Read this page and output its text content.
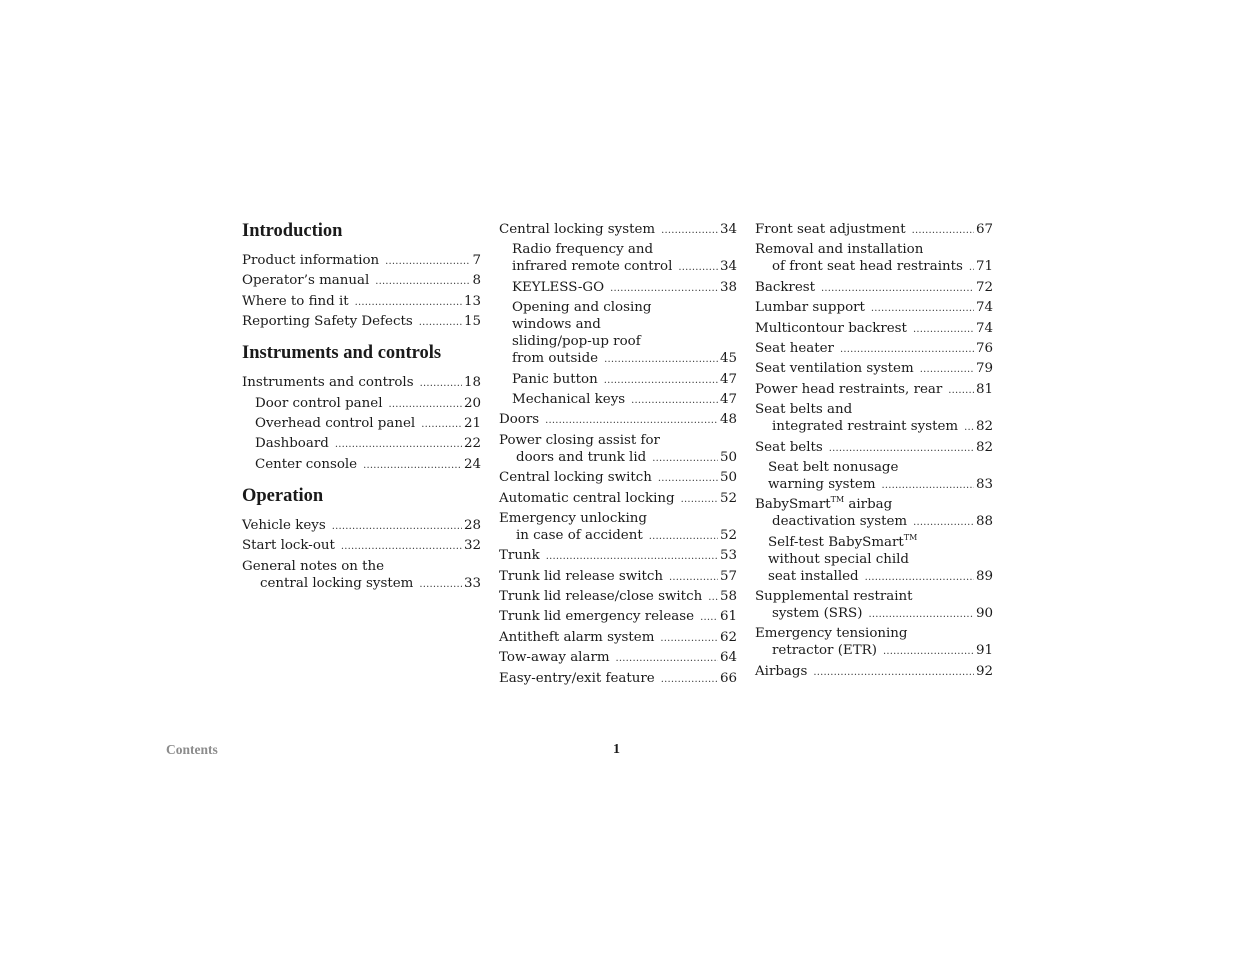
Introduction
Product information .....	7
Operator’s manual .....	8
Where to find it .....	13
Reporting Safety Defects .....	15
Instruments and controls
Instruments and controls .....	18
Door control panel .....	20
Overhead control panel .....	21
Dashboard .....	22
Center console .....	24
Operation
Vehicle keys .....	28
Start lock-out .....	32
General notes on the
central locking system .....	33
Central locking system .....	34
Radio frequency and
infrared remote control .....	34
KEYLESS-GO .....	38
Opening and closing
windows and
sliding/pop-up roof
from outside .....	45
Panic button .....	47
Mechanical keys .....	47
Doors .....	48
Power closing assist for
doors and trunk lid .....	50
Central locking switch .....	50
Automatic central locking .....	52
Emergency unlocking
in case of accident .....	52
Trunk .....	53
Trunk lid release switch .....	57
Trunk lid release/close switch .....	58
Trunk lid emergency release .....	61
Antitheft alarm system .....	62
Tow-away alarm .....	64
Easy-entry/exit feature .....	66
Front seat adjustment .....	67
Removal and installation
of front seat head restraints ..... 71
Backrest .....	72
Lumbar support .....	74
Multicontour backrest .....	74
Seat heater .....	76
Seat ventilation system .....	79
Power head restraints, rear .....	81
Seat belts and
integrated restraint system .....	82
Seat belts .....	82
Seat belt nonusage
warning system .....	83
BabySmart™ airbag
deactivation system .....	88
Self-test BabySmart™
without special child
seat installed .....	89
Supplemental restraint
system (SRS) .....	90
Emergency tensioning
retractor (ETR) .....	91
Airbags .....	92
Contents	1
